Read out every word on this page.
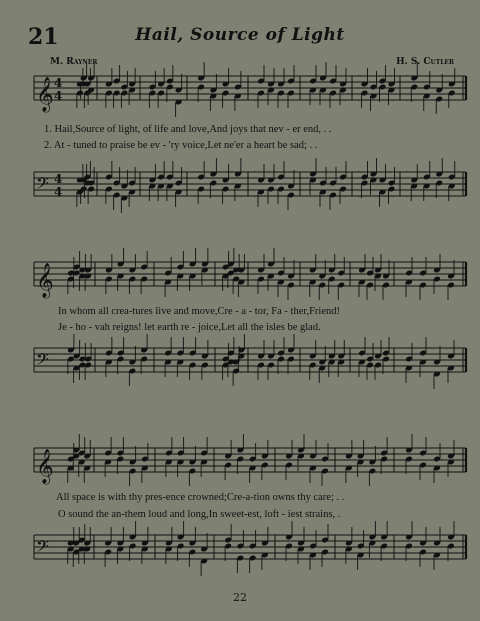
21	Hail, Source of Light
M. Rayner	H. S. Cutler
𝄞 4
4
𝄢 4
4
𝄞
𝄢
𝄞
𝄢
1. Hail,Source of light, of life and love,And joys that nev - er end, . .
2. At - tuned to praise be ev - 'ry voice,Let ne'er a heart be sad; . .
In whom all crea-tures live and move,Cre - a - tor, Fa - ther,Friend!
Je - ho - vah reigns! let earth re - joice,Let all the isles be glad.
All space is with thy pres-ence crowned;Cre-a-tion owns thy care; . .
O sound the an-them loud and long,In sweet-est, loft - iest strains, .
22
